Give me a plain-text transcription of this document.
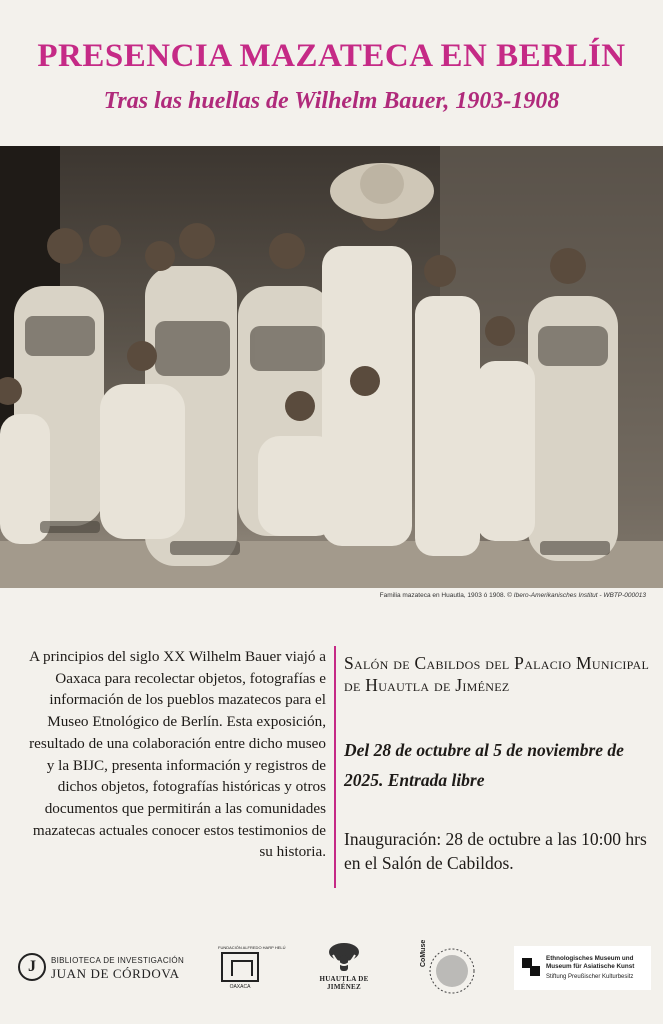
PRESENCIA MAZATECA EN BERLÍN
Tras las huellas de Wilhelm Bauer, 1903-1908
Familia mazateca en Huautla, 1903 ó 1908. © Ibero-Amerikanisches Institut - WBTP-000013
A principios del siglo XX Wilhelm Bauer viajó a Oaxaca para recolectar objetos, fotografías e información de los pueblos mazatecos para el Museo Etnológico de Berlín. Esta exposición, resultado de una colaboración entre dicho museo y la BIJC, presenta información y registros de dichos objetos, fotografías históricas y otros documentos que permitirán a las comunidades mazatecas actuales conocer estos testimonios de su historia.
Salón de Cabildos del Palacio Municipal de Huautla de Jiménez
Del 28 de octubre al 5 de noviembre de 2025. Entrada libre
Inauguración: 28 de octubre a las 10:00 hrs en el Salón de Cabildos.
J	BIBLIOTECA DE INVESTIGACIÓN
JUAN DE CÓRDOVA
FUNDACIÓN ALFREDO HARP HELÚ
OAXACA
HUAUTLA DE JIMÉNEZ
CoMuse	Ethnologisches Museum und
Museum für Asiatische Kunst
Stiftung Preußischer Kulturbesitz
